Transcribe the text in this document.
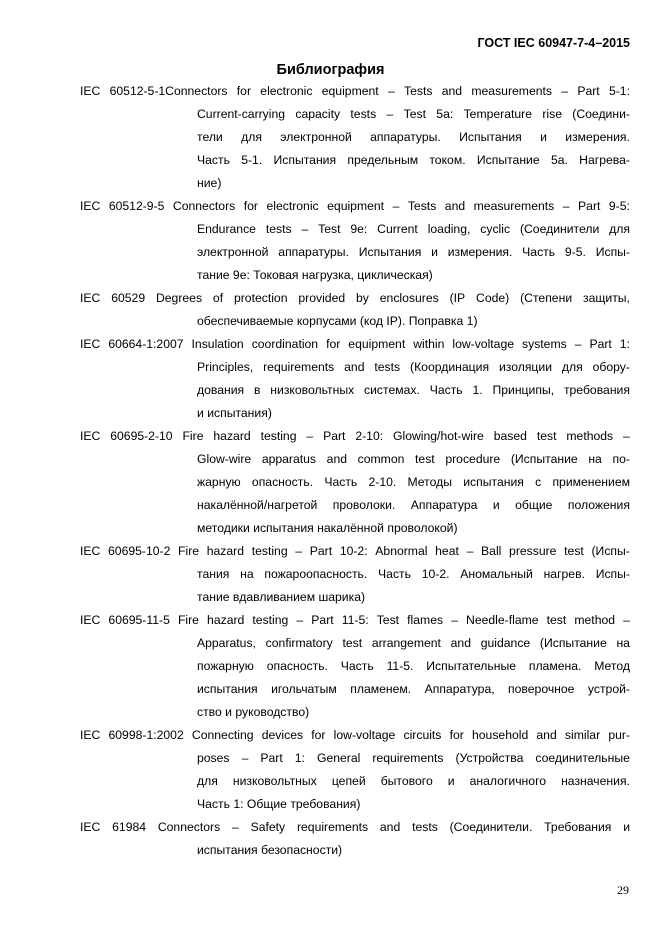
ГОСТ IEC 60947-7-4–2015
Библиография
IEC 60512-5-1Connectors for electronic equipment – Tests and measurements – Part 5-1:
Current-carrying capacity tests – Test 5a: Temperature rise (Соедини-
тели для электронной аппаратуры. Испытания и измерения.
Часть 5-1. Испытания предельным током. Испытание 5а. Нагрева-
ние)
IEC 60512-9-5 Connectors for electronic equipment – Tests and measurements – Part 9-5:
Endurance tests – Test 9e: Current loading, cyclic (Соединители для
электронной аппаратуры. Испытания и измерения. Часть 9-5. Испы-
тание 9е: Токовая нагрузка, циклическая)
IEC 60529 Degrees of protection provided by enclosures (IP Code) (Степени защиты,
обеспечиваемые корпусами (код IP). Поправка 1)
IEC 60664-1:2007 Insulation coordination for equipment within low-voltage systems – Part 1:
Principles, requirements and tests (Координация изоляции для обору-
дования в низковольтных системах. Часть 1. Принципы, требования
и испытания)
IEC 60695-2-10 Fire hazard testing – Part 2-10: Glowing/hot-wire based test methods –
Glow-wire apparatus and common test procedure (Испытание на по-
жарную опасность. Часть 2-10. Методы испытания с применением
накалённой/нагретой проволоки. Аппаратура и общие положения
методики испытания накалённой проволокой)
IEC 60695-10-2 Fire hazard testing – Part 10-2: Abnormal heat – Ball pressure test (Испы-
тания на пожароопасность. Часть 10-2. Аномальный нагрев. Испы-
тание вдавливанием шарика)
IEC 60695-11-5 Fire hazard testing – Part 11-5: Test flames – Needle-flame test method –
Apparatus, confirmatory test arrangement and guidance (Испытание на
пожарную опасность. Часть 11-5. Испытательные пламена. Метод
испытания игольчатым пламенем. Аппаратура, поверочное устрой-
ство и руководство)
IEC 60998-1:2002 Connecting devices for low-voltage circuits for household and similar pur-
poses – Part 1: General requirements (Устройства соединительные
для низковольтных цепей бытового и аналогичного назначения.
Часть 1: Общие требования)
IEC 61984 Connectors – Safety requirements and tests (Соединители. Требования и
испытания безопасности)
29
